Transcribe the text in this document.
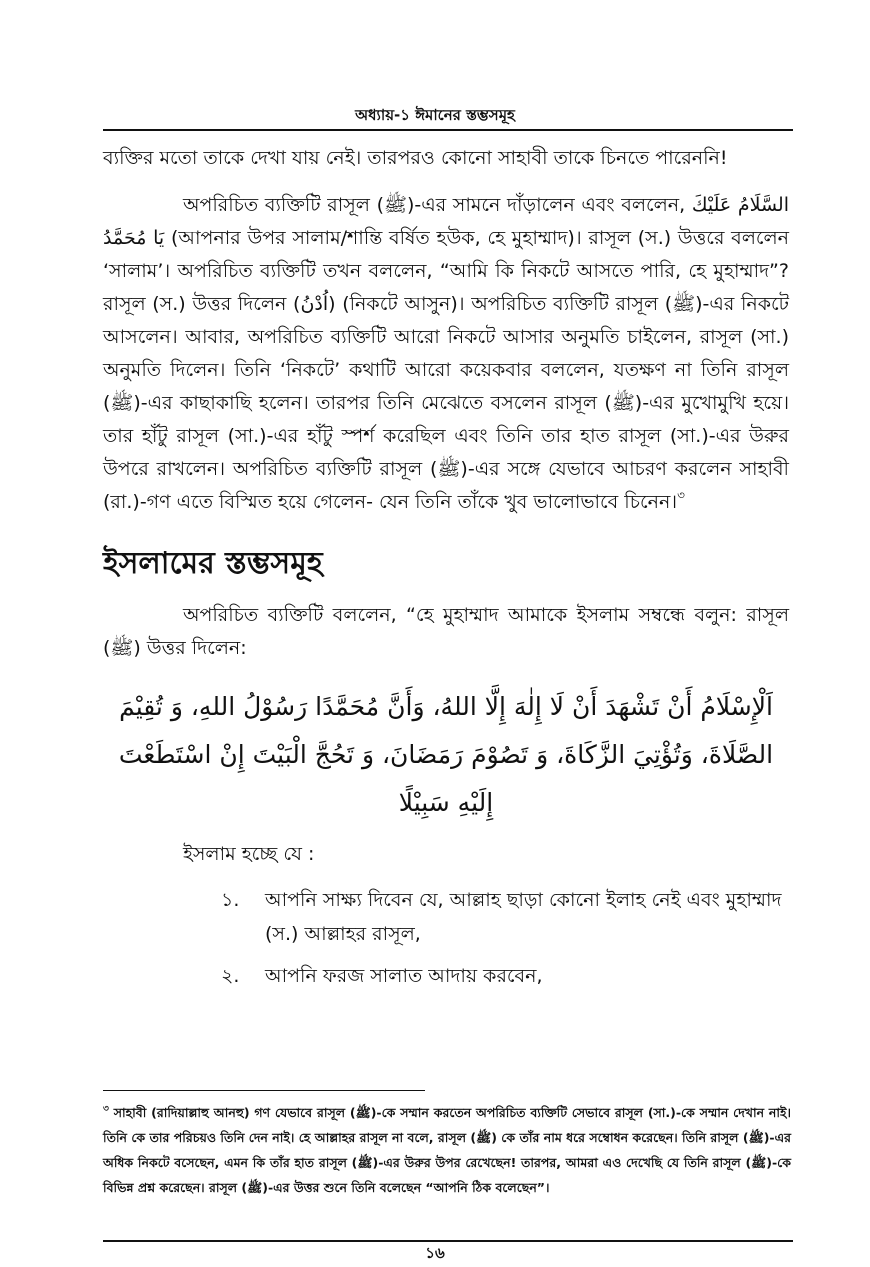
অধ্যায়-১ ঈমানের স্তম্ভসমূহ

ব্যক্তির মতো তাকে দেখা যায় নেই। তারপরও কোনো সাহাবী তাকে চিনতে পারেননি!

অপরিচিত ব্যক্তিটি রাসূল (ﷺ)-এর সামনে দাঁড়ালেন এবং বললেন, السَّلَامُ عَلَيْكَ يَا مُحَمَّدُ (আপনার উপর সালাম/শান্তি বর্ষিত হউক, হে মুহাম্মাদ)। রাসূল (স.) উত্তরে বললেন ‘সালাম’। অপরিচিত ব্যক্তিটি তখন বললেন, “আমি কি নিকটে আসতে পারি, হে মুহাম্মাদ”? রাসূল (স.) উত্তর দিলেন (اُدْنُ) (নিকটে আসুন)। অপরিচিত ব্যক্তিটি রাসূল (ﷺ)-এর নিকটে আসলেন। আবার, অপরিচিত ব্যক্তিটি আরো নিকটে আসার অনুমতি চাইলেন, রাসূল (সা.) অনুমতি দিলেন। তিনি ‘নিকটে’ কথাটি আরো কয়েকবার বললেন, যতক্ষণ না তিনি রাসূল (ﷺ)-এর কাছাকাছি হলেন। তারপর তিনি মেঝেতে বসলেন রাসূল (ﷺ)-এর মুখোমুখি হয়ে। তার হাঁটু রাসূল (সা.)-এর হাঁটু স্পর্শ করেছিল এবং তিনি তার হাত রাসূল (সা.)-এর উরুর উপরে রাখলেন। অপরিচিত ব্যক্তিটি রাসূল (ﷺ)-এর সঙ্গে যেভাবে আচরণ করলেন সাহাবী (রা.)-গণ এতে বিস্মিত হয়ে গেলেন- যেন তিনি তাঁকে খুব ভালোভাবে চিনেন।$^৩$

ইসলামের স্তম্ভসমূহ

অপরিচিত ব্যক্তিটি বললেন, “হে মুহাম্মাদ আমাকে ইসলাম সম্বন্ধে বলুন: রাসূল (ﷺ) উত্তর দিলেন:

اَلْإِسْلَامُ أَنْ تَشْهَدَ أَنْ لَا إِلٰهَ إِلَّا اللهُ، وَأَنَّ مُحَمَّدًا رَسُوْلُ اللهِ، وَ تُقِيْمَ الصَّلَاةَ، وَتُؤْتِيَ الزَّكَاةَ، وَ تَصُوْمَ رَمَضَانَ، وَ تَحُجَّ الْبَيْتَ إِنْ اسْتَطَعْتَ إِلَيْهِ سَبِيْلًا
ইসলাম হচ্ছে যে :
১. আপনি সাক্ষ্য দিবেন যে, আল্লাহ ছাড়া কোনো ইলাহ নেই এবং মুহাম্মাদ (স.) আল্লাহর রাসূল,
২. আপনি ফরজ সালাত আদায় করবেন,
$^৩$ সাহাবী (রাদিয়াল্লাহু আনহু) গণ যেভাবে রাসূল (ﷺ)-কে সম্মান করতেন অপরিচিত ব্যক্তিটি সেভাবে রাসূল (সা.)-কে সম্মান দেখান নাই। তিনি কে তার পরিচয়ও তিনি দেন নাই। হে আল্লাহর রাসূল না বলে, রাসূল (ﷺ) কে তাঁর নাম ধরে সম্বোধন করেছেন। তিনি রাসূল (ﷺ)-এর অধিক নিকটে বসেছেন, এমন কি তাঁর হাত রাসূল (ﷺ)-এর উরুর উপর রেখেছেন! তারপর, আমরা এও দেখেছি যে তিনি রাসূল (ﷺ)-কে বিভিন্ন প্রশ্ন করেছেন। রাসূল (ﷺ)-এর উত্তর শুনে তিনি বলেছেন “আপনি ঠিক বলেছেন”।
১৬
